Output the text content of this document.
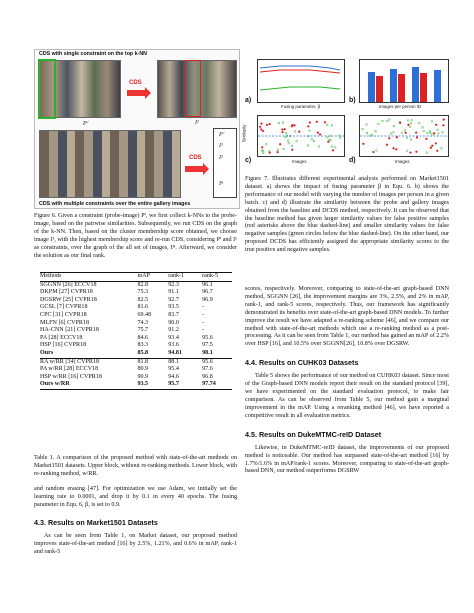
CDS with single constraint on the top k-NN
CDS
Pⁱ	I¹
CDS
Pⁱ
I¹
I²
Iⁿ
CDS with multiple constraints over the entire gallery images

Figure 6. Given a constraint (probe-image) Pⁱ, we first collect k-NNs to the probe-image, based on the pairwise similarities. Subsequently, we run CDS on the graph of the k-NN. Then, based on the cluster membership score obtained, we choose image I¹, with the highest membership score and re-run CDS, considering Pⁱ and I¹ as constraints, over the graph of the all set of images, Iᴴ. Afterward, we consider the solution as our final rank.

Methods	mAP	rank-1	rank-5
SGGNN [26] ECCV18	82.8	92.3	96.1
DKPM [27] CVPR18	75.3	91.1	96.7
DGSRW [25] CVPR18	82.5	92.7	96.9
GCSL [7] CVPR18	81.6	93.5	-
CPC [31] CVPR18	69.48	83.7	-
MLFN [6] CVPR18	74.3	90.0	-
HA-CNN [21] CVPR18	75.7	91.2	-
PA [28] ECCV18	84.6	93.4	95.6
HSP [16] CVPR18	83.3	93.6	97.5
Ours	85.8	94.81	98.1
RA w/RR [34] CVPR18	81.8	88.1	95.6
PA w/RR [28] ECCV18	89.9	95.4	97.6
HSP w/RR [16] CVPR18	90.9	94.6	96.8
Ours w/RR	93.5	95.7	97.74

Table 1. A comparison of the proposed method with state-of-the-art methods on Market1501 datasets. Upper block, without re-ranking methods. Lower block, with re-ranking method, w/RR.

and random erasing [47]. For optimization we use Adam, we initially set the learning rate to 0.0001, and drop it by 0.1 in every 40 epochs. The fusing parameter in Equ. 6, β, is set to 0.9.

4.3. Results on Market1501 Datasets

As can be seen from Table 1, on Market dataset, our proposed method improves state-of-the-art method [16] by 2.5%, 1.21%, and 0.6% in mAP, rank-1 and rank-5

a)
Fusing parameter, β
b)
Images per person ID
Similarity
c)	Images	d)	Images

Figure 7. Illustrates different experimental analysis performed on Market1501 dataset. a) shows the impact of fusing parameter β in Equ. 6. b) shows the performance of our model with varying the number of images per person in a given batch. c) and d) illustrate the similarity between the probe and gallery images obtained from the baseline and DCDS method, respectively. It can be observed that the baseline method has given larger similarity values for false positive samples (red asterisks above the blue dashed-line) and smaller similarity values for false negative samples (green circles below the blue dashed-line). On the other hand, our proposed DCDS has efficiently assigned the appropriate similarity scores to the true positive and negative samples.

scores, respectively. Moreover, comparing to state-of-the-art graph-based DNN method, SGGNN [26], the improvement margins are 3%, 2.5%, and 2% in mAP, rank-1, and rank-5 scores, respectively. Thus, our framework has significantly demonstrated its benefits over state-of-the-art graph-based DNN models. To further improve the result we have adapted a re-ranking scheme [46], and we compare our method with state-of-the-art methods which use a re-ranking method as a post-processing. As it can be seen from Table 1, our method has gained an mAP of 2.2% over HSP [16], and 10.5% over SGGNN[26], 10.8% over DGSRW.

4.4. Results on CUHK03 Datasets

Table 5 shows the performance of our method on CUHK03 dataset. Since most of the Graph-based DNN models report their result on the standard protocol [39], we have experimented on the standard evaluation protocol, to make fair comparison. As can be observed from Table 5, our method gain a marginal improvement in the mAP. Using a reranking method [46], we have reported a competitive result in all evaluation metrics.

4.5. Results on DukeMTMC-reID Dataset

Likewise, in DukeMTMC-reID dataset, the improvements of our proposed method is noticeable. Our method has surpassed state-of-the-art method [16] by 1.7%/1.6% in mAP/rank-1 scores. Moreover, comparing to state-of-the-art graph-based DNN, our method outperforms DGSRW
